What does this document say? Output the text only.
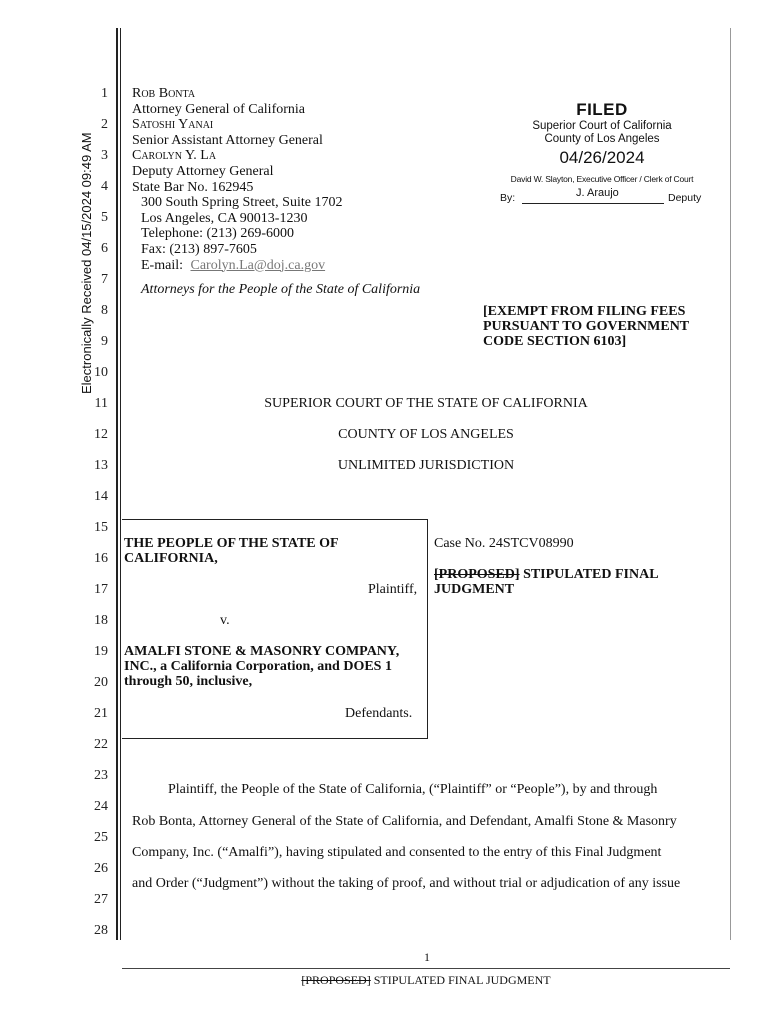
Electronically Received 04/15/2024 09:49 AM
1
2
3
4
5
6
7
8
9
10
11
12
13
14
15
16
17
18
19
20
21
22
23
24
25
26
27
28
Rob Bonta
Attorney General of California
Satoshi Yanai
Senior Assistant Attorney General
Carolyn Y. La
Deputy Attorney General
State Bar No. 162945
300 South Spring Street, Suite 1702
Los Angeles, CA 90013-1230
Telephone: (213) 269-6000
Fax: (213) 897-7605
E-mail: Carolyn.La@doj.ca.gov
Attorneys for the People of the State of California
FILED
Superior Court of California
County of Los Angeles
04/26/2024
David W. Slayton, Executive Officer / Clerk of Court
By:	J. Araujo	Deputy
[EXEMPT FROM FILING FEES
PURSUANT TO GOVERNMENT
CODE SECTION 6103]
SUPERIOR COURT OF THE STATE OF CALIFORNIA
COUNTY OF LOS ANGELES
UNLIMITED JURISDICTION
THE PEOPLE OF THE STATE OF
CALIFORNIA,
Plaintiff,
v.
AMALFI STONE & MASONRY COMPANY,
INC., a California Corporation, and DOES 1
through 50, inclusive,
Defendants.
Case No. 24STCV08990
[PROPOSED] STIPULATED FINAL
JUDGMENT
Plaintiff, the People of the State of California, (“Plaintiff” or “People”), by and through
Rob Bonta, Attorney General of the State of California, and Defendant, Amalfi Stone & Masonry
Company, Inc. (“Amalfi”), having stipulated and consented to the entry of this Final Judgment
and Order (“Judgment”) without the taking of proof, and without trial or adjudication of any issue
1
[PROPOSED] STIPULATED FINAL JUDGMENT
